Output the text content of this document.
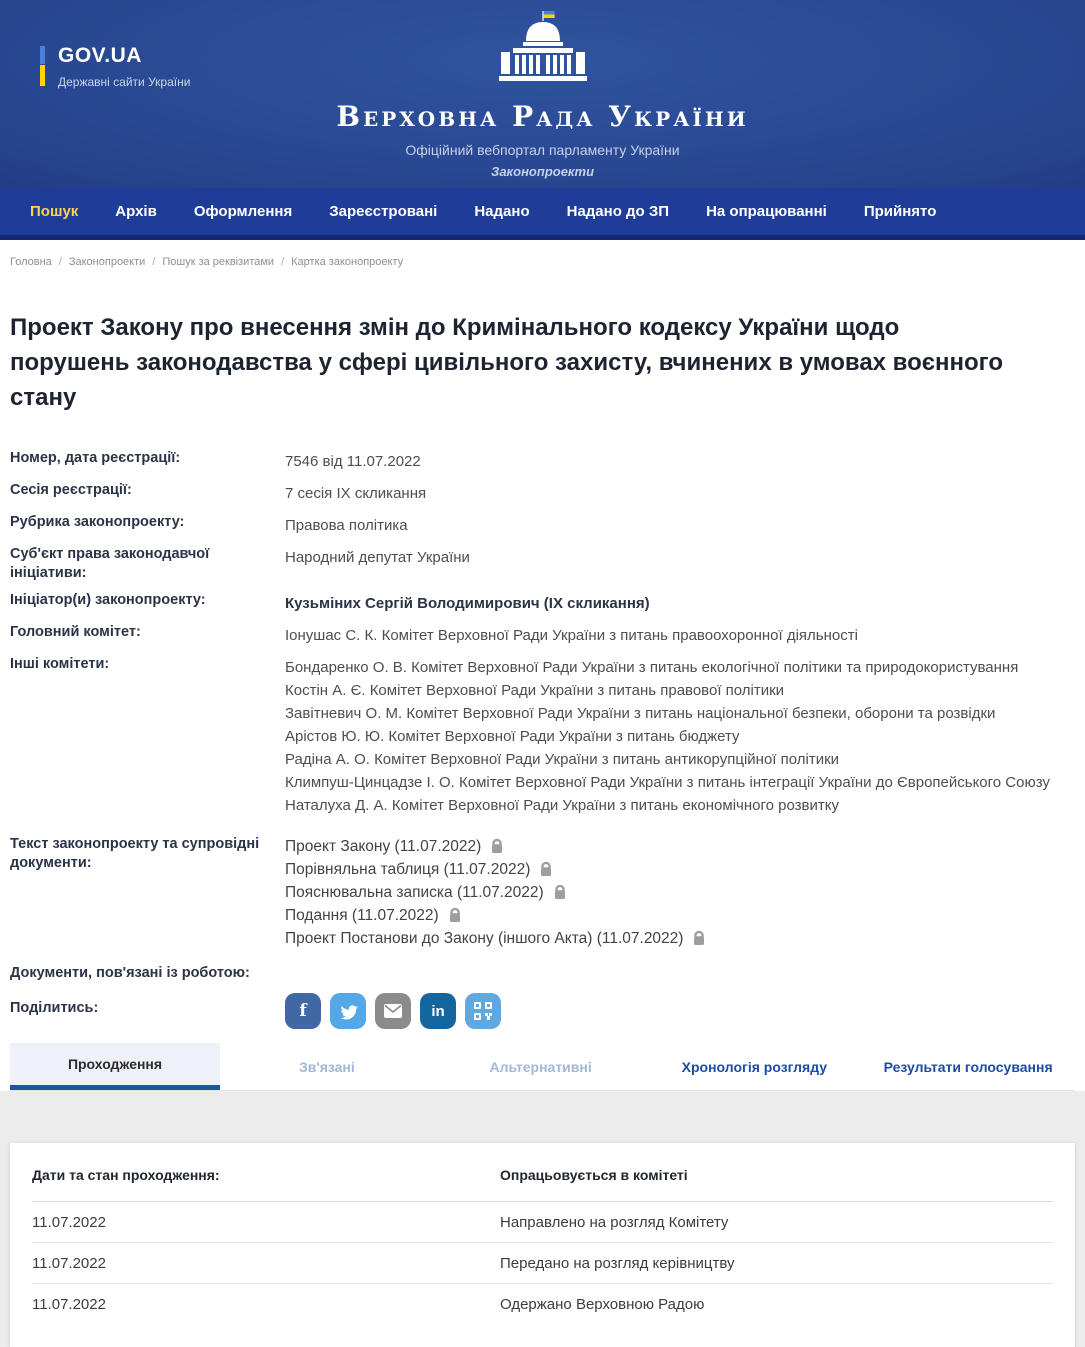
GOV.UA
Державні сайти України
Верховна Рада України
Офіційний вебпортал парламенту України
Законопроекти
Пошук Архів Оформлення Зареєстровані Надано Надано до ЗП На опрацюванні Прийнято
Головна / Законопроекти / Пошук за реквізитами / Картка законопроекту
Проект Закону про внесення змін до Кримінального кодексу України щодо порушень законодавства у сфері цивільного захисту, вчинених в умовах воєнного стану
Номер, дата реєстрації:	7546 від 11.07.2022
Сесія реєстрації:	7 сесія IX скликання
Рубрика законопроекту:	Правова політика
Суб'єкт права законодавчої ініціативи:
Народний депутат України
Ініціатор(и) законопроекту:	Кузьміних Сергій Володимирович (IX скликання)
Головний комітет:	Іонушас С. К. Комітет Верховної Ради України з питань правоохоронної діяльності
Інші комітети:	Бондаренко О. В. Комітет Верховної Ради України з питань екологічної політики та природокористування
Костін А. Є. Комітет Верховної Ради України з питань правової політики
Завітневич О. М. Комітет Верховної Ради України з питань національної безпеки, оборони та розвідки
Арістов Ю. Ю. Комітет Верховної Ради України з питань бюджету
Радіна А. О. Комітет Верховної Ради України з питань антикорупційної політики
Климпуш-Цинцадзе І. О. Комітет Верховної Ради України з питань інтеграції України до Європейського Союзу
Наталуха Д. А. Комітет Верховної Ради України з питань економічного розвитку
Текст законопроекту та супровідні документи:
Проект Закону (11.07.2022)
Порівняльна таблиця (11.07.2022)
Пояснювальна записка (11.07.2022)
Подання (11.07.2022)
Проект Постанови до Закону (іншого Акта) (11.07.2022)
Документи, пов'язані із роботою:
Поділитись:	f	in
Проходження	Зв'язані	Альтернативні	Хронологія розгляду	Результати голосування
Дати та стан проходження:	Опрацьовується в комітеті
11.07.2022	Направлено на розгляд Комітету
11.07.2022	Передано на розгляд керівництву
11.07.2022	Одержано Верховною Радою
